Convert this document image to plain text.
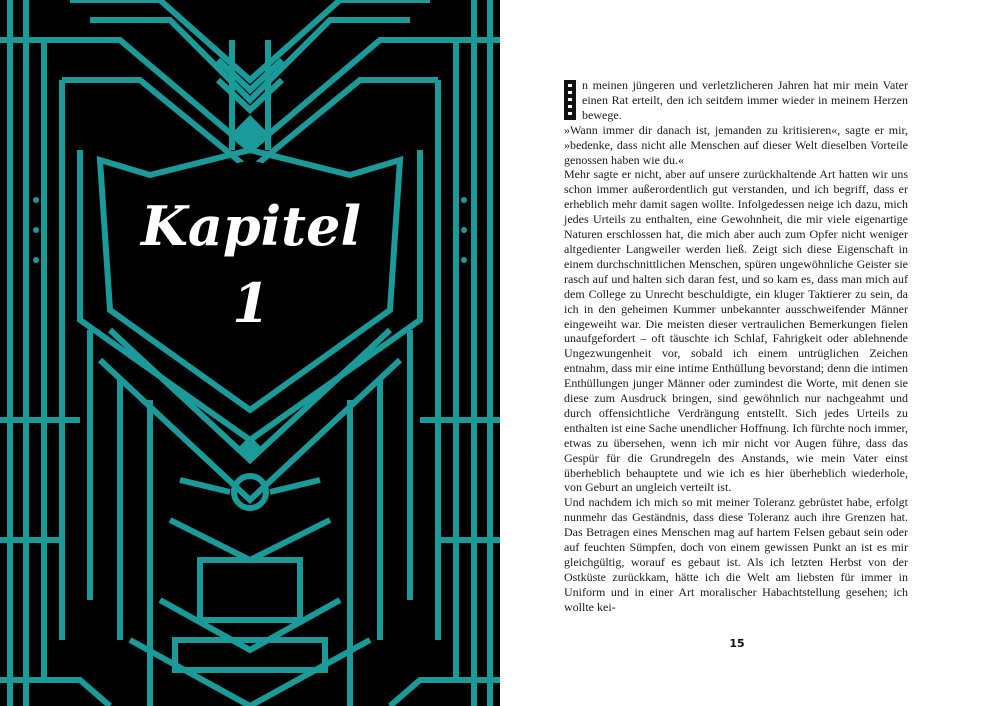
Kapitel
1

n meinen jüngeren und verletzlicheren Jahren hat mir mein Vater einen Rat erteilt, den ich seitdem immer wieder in meinem Herzen bewege.

»Wann immer dir danach ist, jemanden zu kritisieren«, sagte er mir, »bedenke, dass nicht alle Menschen auf dieser Welt dieselben Vorteile genossen haben wie du.«

Mehr sagte er nicht, aber auf unsere zurückhaltende Art hatten wir uns schon immer außerordentlich gut verstanden, und ich begriff, dass er erheblich mehr damit sagen wollte. Infolgedessen neige ich dazu, mich jedes Urteils zu enthalten, eine Gewohnheit, die mir viele eigenartige Naturen erschlossen hat, die mich aber auch zum Opfer nicht weniger altgedienter Langweiler werden ließ. Zeigt sich diese Eigenschaft in einem durchschnittlichen Menschen, spüren ungewöhnliche Geister sie rasch auf und halten sich daran fest, und so kam es, dass man mich auf dem College zu Unrecht beschuldigte, ein kluger Taktierer zu sein, da ich in den geheimen Kummer unbekannter ausschweifender Männer eingeweiht war. Die meisten dieser vertraulichen Bemerkungen fielen unaufgefordert – oft täuschte ich Schlaf, Fahrigkeit oder ablehnende Ungezwungenheit vor, sobald ich einem untrüglichen Zeichen entnahm, dass mir eine intime Enthüllung bevorstand; denn die intimen Enthüllungen junger Männer oder zumindest die Worte, mit denen sie diese zum Ausdruck bringen, sind gewöhnlich nur nachgeahmt und durch offensichtliche Verdrängung entstellt. Sich jedes Urteils zu enthalten ist eine Sache unendlicher Hoffnung. Ich fürchte noch immer, etwas zu übersehen, wenn ich mir nicht vor Augen führe, dass das Gespür für die Grundregeln des Anstands, wie mein Vater einst überheblich behauptete und wie ich es hier überheblich wiederhole, von Geburt an ungleich verteilt ist.

Und nachdem ich mich so mit meiner Toleranz gebrüstet habe, erfolgt nunmehr das Geständnis, dass diese Toleranz auch ihre Grenzen hat. Das Betragen eines Menschen mag auf hartem Felsen gebaut sein oder auf feuchten Sümpfen, doch von einem gewissen Punkt an ist es mir gleichgültig, worauf es gebaut ist. Als ich letzten Herbst von der Ostküste zurückkam, hätte ich die Welt am liebsten für immer in Uniform und in einer Art moralischer Habachtstellung gesehen; ich wollte kei-

15
